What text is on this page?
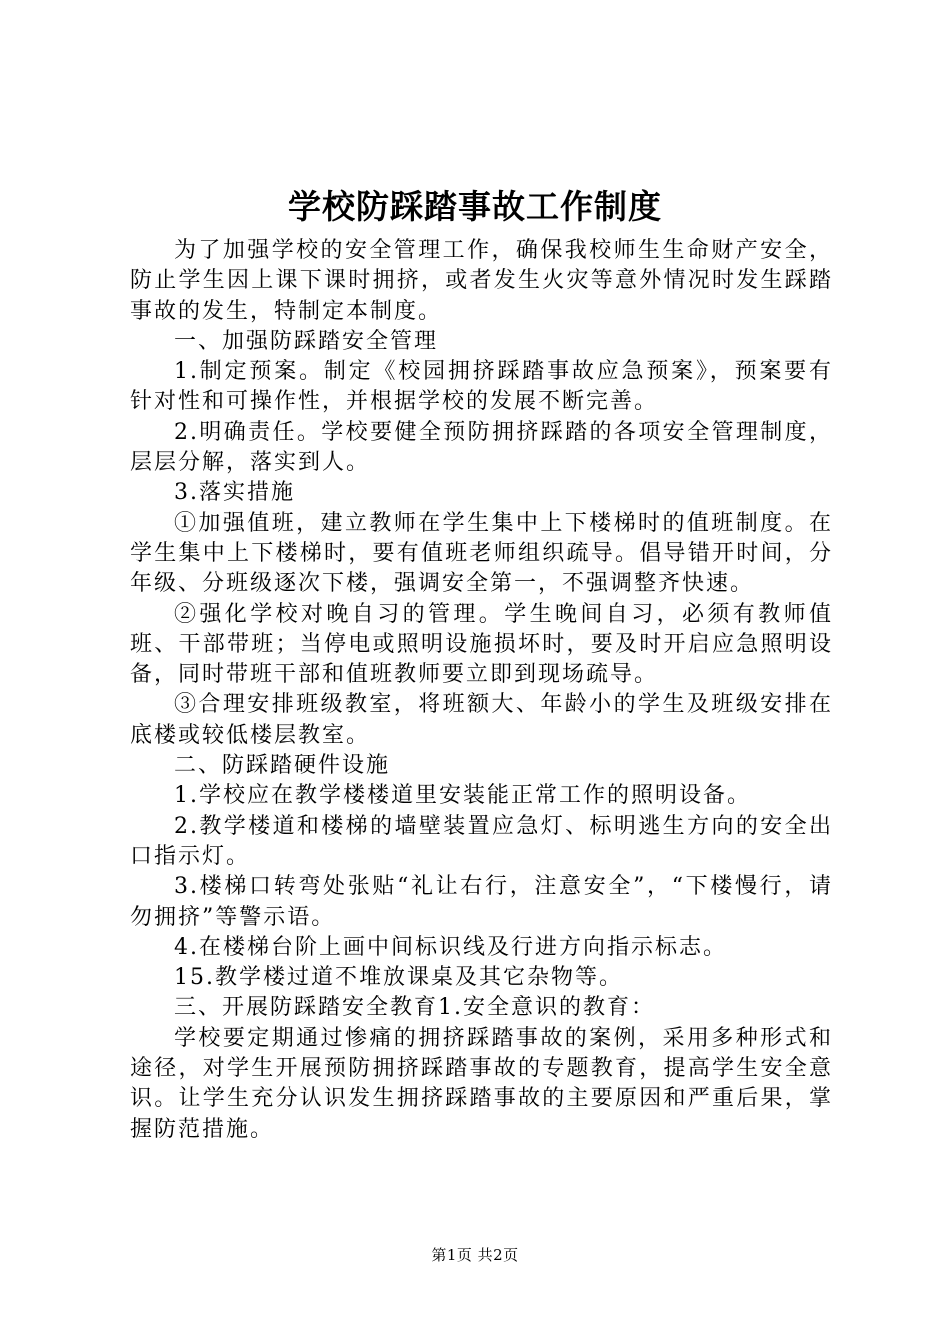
学校防踩踏事故工作制度

为了加强学校的安全管理工作，确保我校师生生命财产安全，防止学生因上课下课时拥挤，或者发生火灾等意外情况时发生踩踏事故的发生，特制定本制度。

一、加强防踩踏安全管理

1.制定预案。制定《校园拥挤踩踏事故应急预案》，预案要有针对性和可操作性，并根据学校的发展不断完善。

2.明确责任。学校要健全预防拥挤踩踏的各项安全管理制度，层层分解，落实到人。

3.落实措施

①加强值班，建立教师在学生集中上下楼梯时的值班制度。在学生集中上下楼梯时，要有值班老师组织疏导。倡导错开时间，分年级、分班级逐次下楼，强调安全第一，不强调整齐快速。

②强化学校对晚自习的管理。学生晚间自习，必须有教师值班、干部带班；当停电或照明设施损坏时，要及时开启应急照明设备，同时带班干部和值班教师要立即到现场疏导。

③合理安排班级教室，将班额大、年龄小的学生及班级安排在底楼或较低楼层教室。

二、防踩踏硬件设施

1.学校应在教学楼楼道里安装能正常工作的照明设备。

2.教学楼道和楼梯的墙壁装置应急灯、标明逃生方向的安全出口指示灯。

3.楼梯口转弯处张贴“礼让右行，注意安全”，“下楼慢行，请勿拥挤”等警示语。

4.在楼梯台阶上画中间标识线及行进方向指示标志。

15.教学楼过道不堆放课桌及其它杂物等。

三、开展防踩踏安全教育1.安全意识的教育：

学校要定期通过惨痛的拥挤踩踏事故的案例，采用多种形式和途径，对学生开展预防拥挤踩踏事故的专题教育，提高学生安全意识。让学生充分认识发生拥挤踩踏事故的主要原因和严重后果，掌握防范措施。

第1页 共2页
